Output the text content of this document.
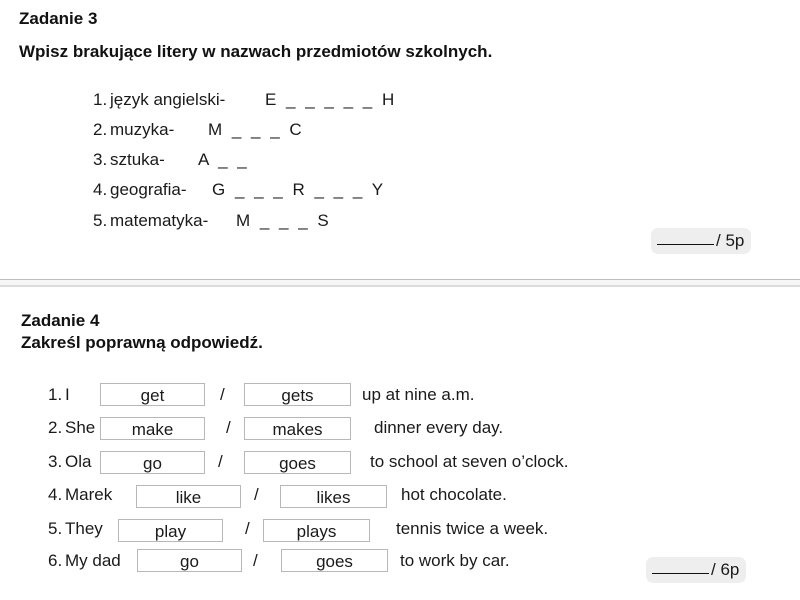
Zadanie 3
Wpisz brakujące litery w nazwach przedmiotów szkolnych.
1. język angielski- E _ _ _ _ _ H
2. muzyka- M _ _ _ C
3. sztuka- A _ _
4. geografia- G _ _ _ R _ _ _ Y
5. matematyka- M _ _ _ S
/ 5p
Zadanie 4
Zakreśl poprawną odpowiedź.
1. I	get	/	gets	up at nine a.m.
2. She	make	/	makes	dinner every day.
3. Ola	go	/	goes	to school at seven o’clock.
4. Marek	like	/	likes	hot chocolate.
5. They	play	/	plays	tennis twice a week.
6. My dad	go	/	goes	to work by car.	/ 6p
